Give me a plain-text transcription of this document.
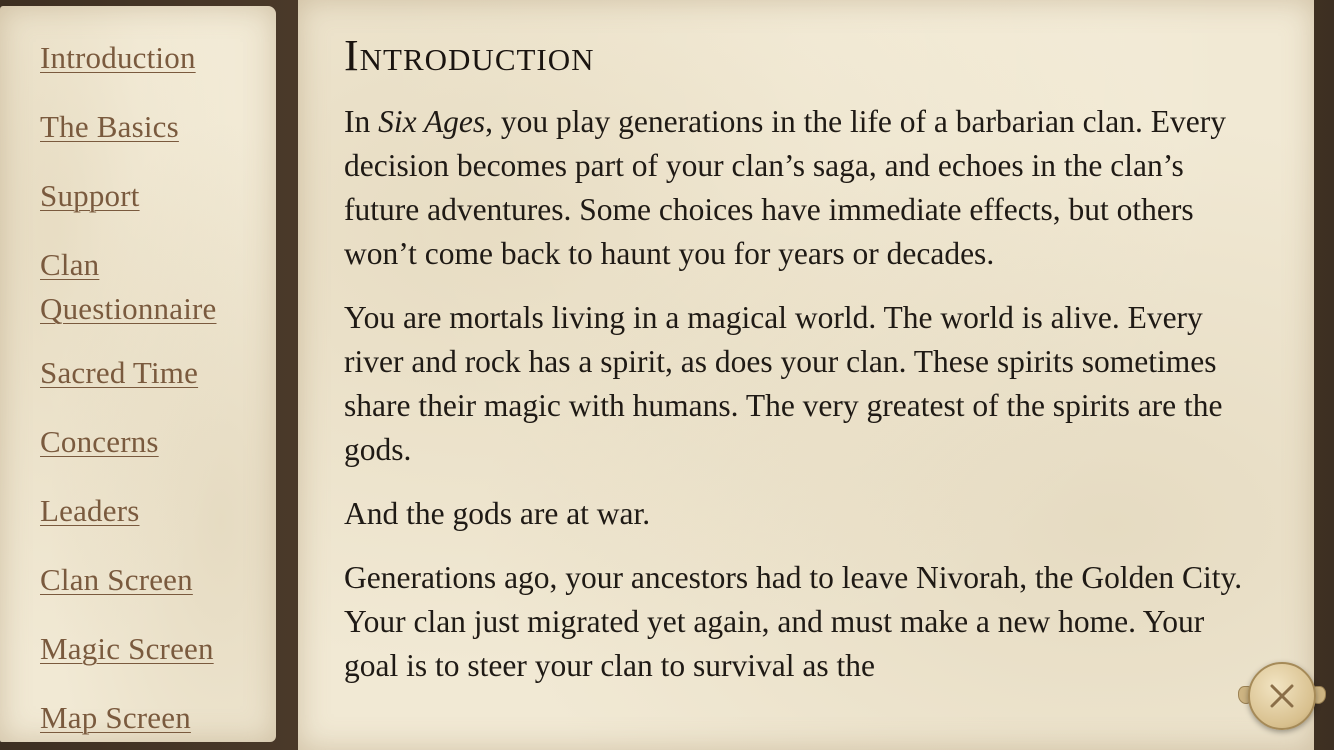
Introduction
The Basics
Support
Clan Questionnaire
Sacred Time
Concerns
Leaders
Clan Screen
Magic Screen
Map Screen
Introduction

In Six Ages, you play generations in the life of a barbarian clan. Every decision becomes part of your clan’s saga, and echoes in the clan’s future adventures. Some choices have immediate effects, but others won’t come back to haunt you for years or decades.

You are mortals living in a magical world. The world is alive. Every river and rock has a spirit, as does your clan. These spirits sometimes share their magic with humans. The very greatest of the spirits are the gods.

And the gods are at war.

Generations ago, your ancestors had to leave Nivorah, the Golden City. Your clan just migrated yet again, and must make a new home. Your goal is to steer your clan to survival as the
